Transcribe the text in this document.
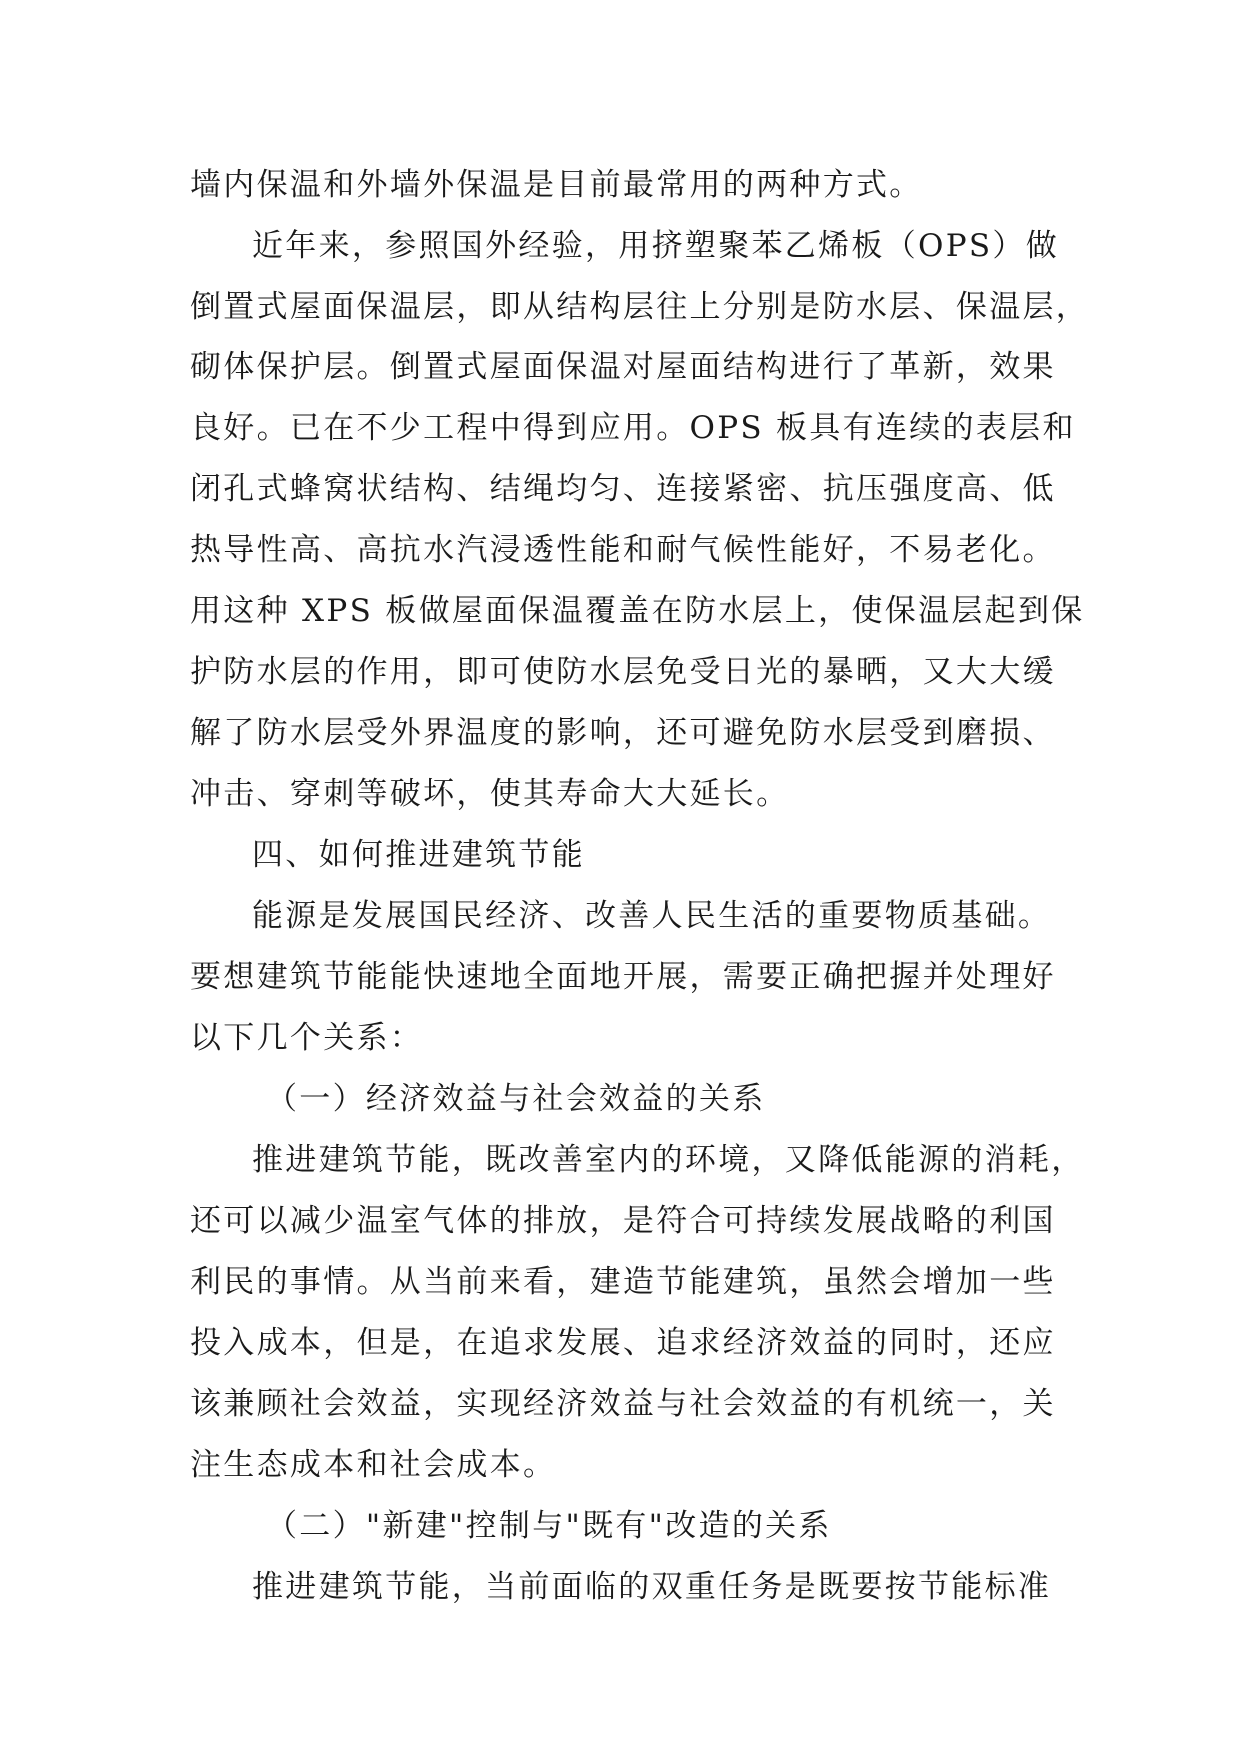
墙内保温和外墙外保温是目前最常用的两种方式。
近年来，参照国外经验，用挤塑聚苯乙烯板（OPS）做
倒置式屋面保温层，即从结构层往上分别是防水层、保温层，
砌体保护层。倒置式屋面保温对屋面结构进行了革新，效果
良好。已在不少工程中得到应用。OPS 板具有连续的表层和
闭孔式蜂窝状结构、结绳均匀、连接紧密、抗压强度高、低
热导性高、高抗水汽浸透性能和耐气候性能好，不易老化。
用这种 XPS 板做屋面保温覆盖在防水层上，使保温层起到保
护防水层的作用，即可使防水层免受日光的暴晒，又大大缓
解了防水层受外界温度的影响，还可避免防水层受到磨损、
冲击、穿刺等破坏，使其寿命大大延长。
四、如何推进建筑节能
能源是发展国民经济、改善人民生活的重要物质基础。
要想建筑节能能快速地全面地开展，需要正确把握并处理好
以下几个关系：
（一）经济效益与社会效益的关系
推进建筑节能，既改善室内的环境，又降低能源的消耗，
还可以减少温室气体的排放，是符合可持续发展战略的利国
利民的事情。从当前来看，建造节能建筑，虽然会增加一些
投入成本，但是，在追求发展、追求经济效益的同时，还应
该兼顾社会效益，实现经济效益与社会效益的有机统一，关
注生态成本和社会成本。
（二）"新建"控制与"既有"改造的关系
推进建筑节能，当前面临的双重任务是既要按节能标准
